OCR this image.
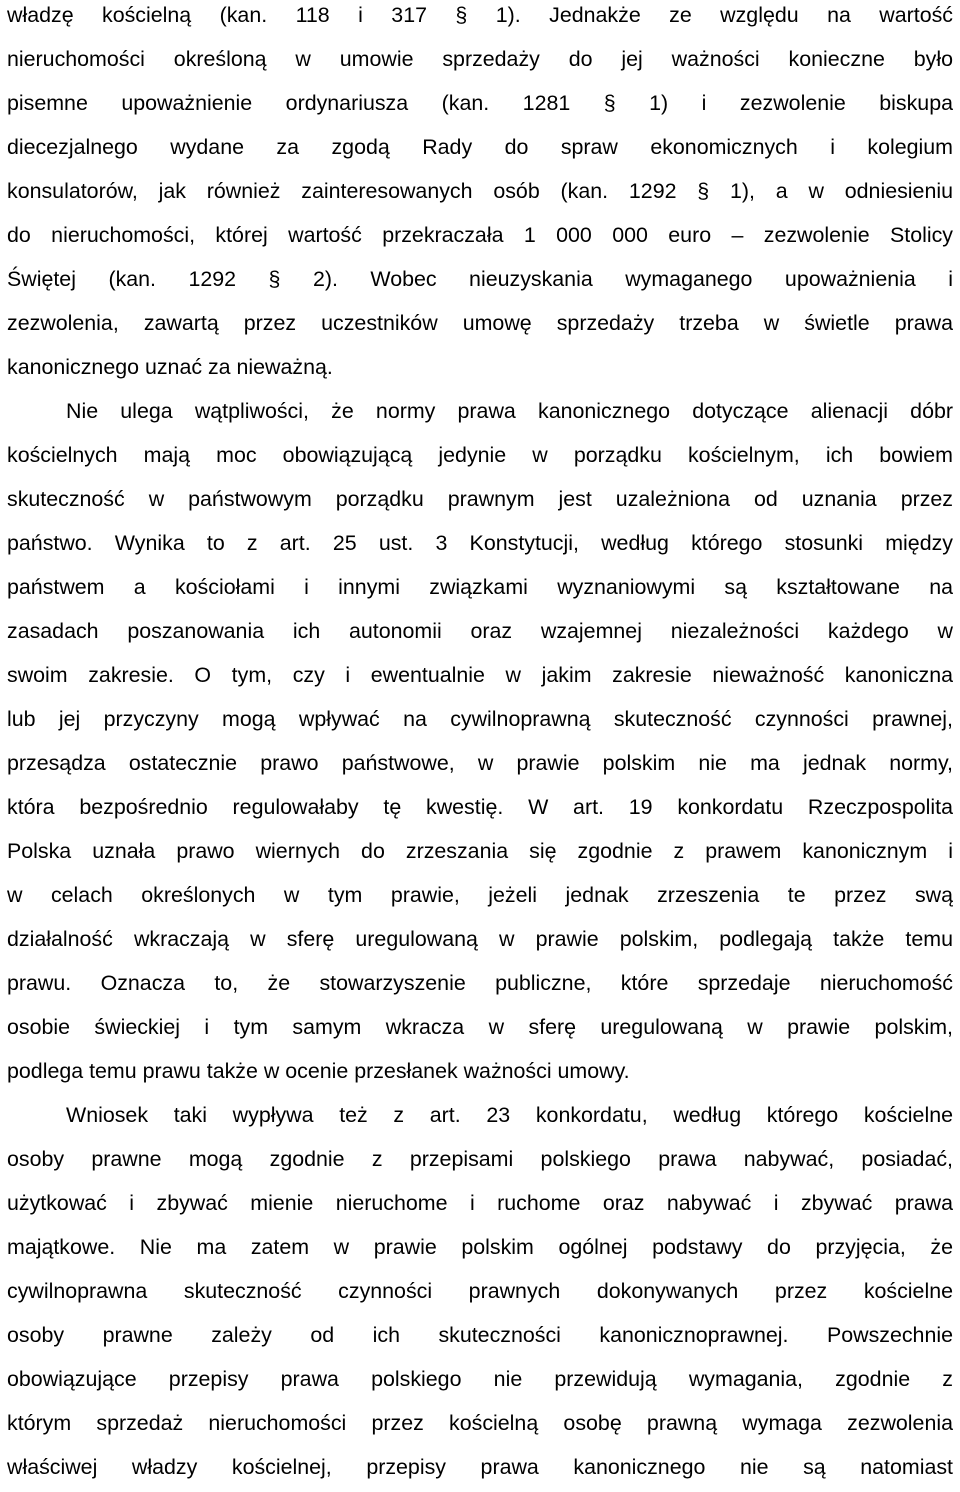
władzę kościelną (kan. 118 i 317 § 1). Jednakże ze względu na wartość
nieruchomości określoną w umowie sprzedaży do jej ważności konieczne było
pisemne upoważnienie ordynariusza (kan. 1281 § 1) i zezwolenie biskupa
diecezjalnego wydane za zgodą Rady do spraw ekonomicznych i kolegium
konsulatorów, jak również zainteresowanych osób (kan. 1292 § 1), a w odniesieniu
do nieruchomości, której wartość przekraczała 1 000 000 euro – zezwolenie Stolicy
Świętej (kan. 1292 § 2). Wobec nieuzyskania wymaganego upoważnienia i
zezwolenia, zawartą przez uczestników umowę sprzedaży trzeba w świetle prawa
kanonicznego uznać za nieważną.
Nie ulega wątpliwości, że normy prawa kanonicznego dotyczące alienacji dóbr
kościelnych mają moc obowiązującą jedynie w porządku kościelnym, ich bowiem
skuteczność w państwowym porządku prawnym jest uzależniona od uznania przez
państwo. Wynika to z art. 25 ust. 3 Konstytucji, według którego stosunki między
państwem a kościołami i innymi związkami wyznaniowymi są kształtowane na
zasadach poszanowania ich autonomii oraz wzajemnej niezależności każdego w
swoim zakresie. O tym, czy i ewentualnie w jakim zakresie nieważność kanoniczna
lub jej przyczyny mogą wpływać na cywilnoprawną skuteczność czynności prawnej,
przesądza ostatecznie prawo państwowe, w prawie polskim nie ma jednak normy,
która bezpośrednio regulowałaby tę kwestię. W art. 19 konkordatu Rzeczpospolita
Polska uznała prawo wiernych do zrzeszania się zgodnie z prawem kanonicznym i
w celach określonych w tym prawie, jeżeli jednak zrzeszenia te przez swą
działalność wkraczają w sferę uregulowaną w prawie polskim, podlegają także temu
prawu. Oznacza to, że stowarzyszenie publiczne, które sprzedaje nieruchomość
osobie świeckiej i tym samym wkracza w sferę uregulowaną w prawie polskim,
podlega temu prawu także w ocenie przesłanek ważności umowy.
Wniosek taki wypływa też z art. 23 konkordatu, według którego kościelne
osoby prawne mogą zgodnie z przepisami polskiego prawa nabywać, posiadać,
użytkować i zbywać mienie nieruchome i ruchome oraz nabywać i zbywać prawa
majątkowe. Nie ma zatem w prawie polskim ogólnej podstawy do przyjęcia, że
cywilnoprawna skuteczność czynności prawnych dokonywanych przez kościelne
osoby prawne zależy od ich skuteczności kanonicznoprawnej. Powszechnie
obowiązujące przepisy prawa polskiego nie przewidują wymagania, zgodnie z
którym sprzedaż nieruchomości przez kościelną osobę prawną wymaga zezwolenia
właściwej władzy kościelnej, przepisy prawa kanonicznego nie są natomiast
